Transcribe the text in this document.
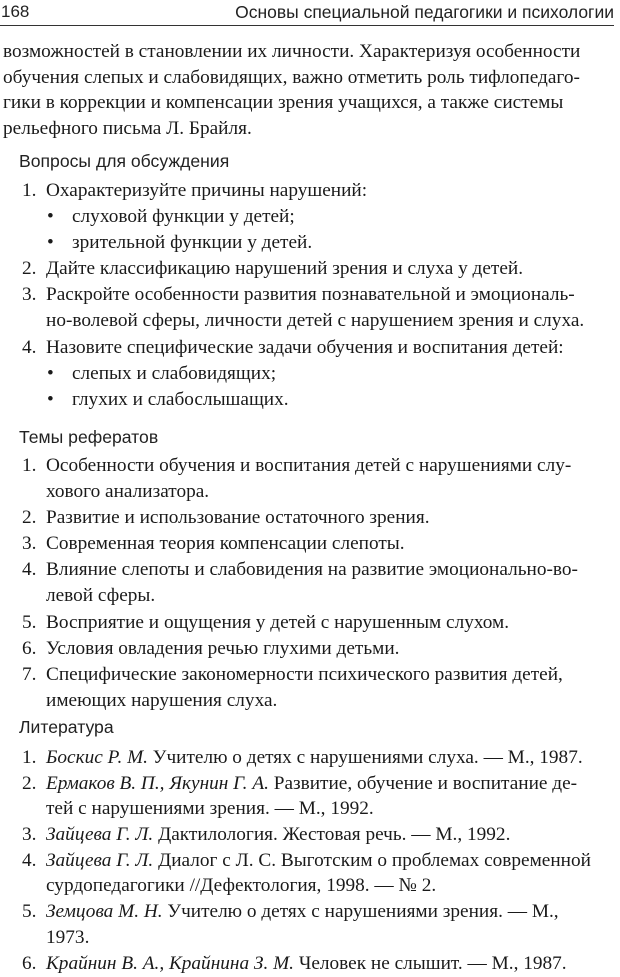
168	Основы специальной педагогики и психологии
возможностей в становлении их личности. Характеризуя особенности
обучения слепых и слабовидящих, важно отметить роль тифлопедаго-
гики в коррекции и компенсации зрения учащихся, а также системы
рельефного письма Л. Брайля.
Вопросы для обсуждения
1. Охарактеризуйте причины нарушений:
• слуховой функции у детей;
• зрительной функции у детей.
2. Дайте классификацию нарушений зрения и слуха у детей.
3. Раскройте особенности развития познавательной и эмоциональ-
но-волевой сферы, личности детей с нарушением зрения и слуха.
4. Назовите специфические задачи обучения и воспитания детей:
• слепых и слабовидящих;
• глухих и слабослышащих.
Темы рефератов
1. Особенности обучения и воспитания детей с нарушениями слу-
хового анализатора.
2. Развитие и использование остаточного зрения.
3. Современная теория компенсации слепоты.
4. Влияние слепоты и слабовидения на развитие эмоционально-во-
левой сферы.
5. Восприятие и ощущения у детей с нарушенным слухом.
6. Условия овладения речью глухими детьми.
7. Специфические закономерности психического развития детей,
имеющих нарушения слуха.
Литература
1. Боскис Р. М. Учителю о детях с нарушениями слуха. — М., 1987.
2. Ермаков В. П., Якунин Г. А. Развитие, обучение и воспитание де-
тей с нарушениями зрения. — М., 1992.
3. Зайцева Г. Л. Дактилология. Жестовая речь. — М., 1992.
4. Зайцева Г. Л. Диалог с Л. С. Выготским о проблемах современной
сурдопедагогики //Дефектология, 1998. — № 2.
5. Земцова М. Н. Учителю о детях с нарушениями зрения. — М.,
1973.
6. Крайнин В. А., Крайнина З. М. Человек не слышит. — М., 1987.
